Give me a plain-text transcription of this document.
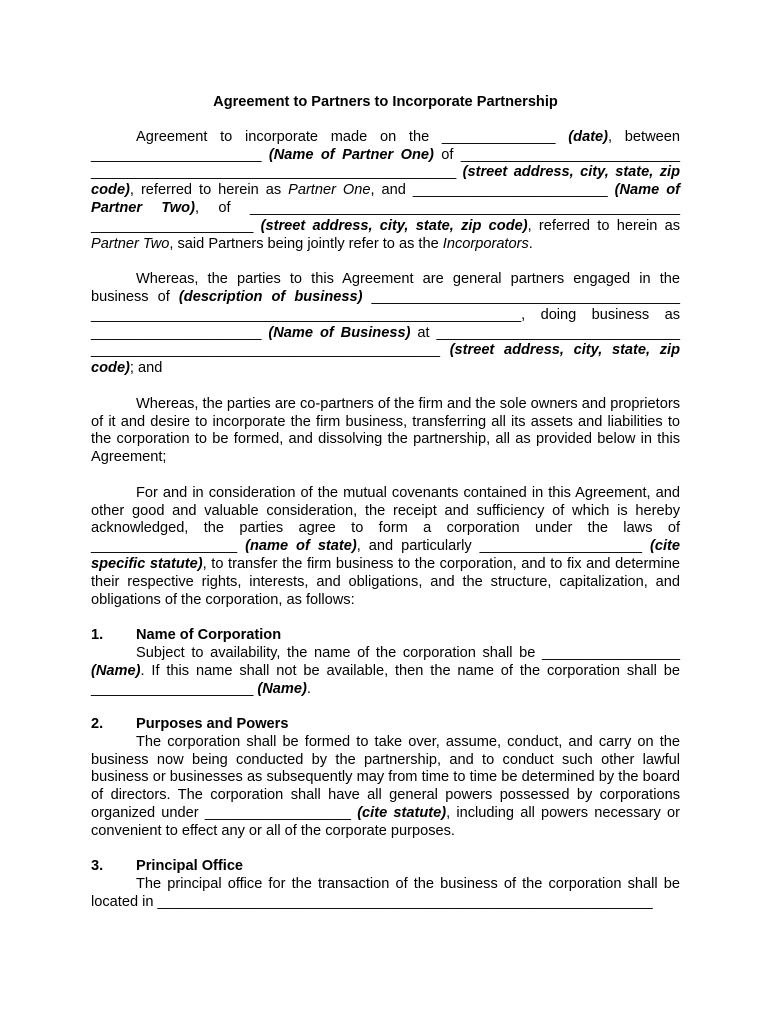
Agreement to Partners to Incorporate Partnership

Agreement to incorporate made on the ______________ (date), between _____________________ (Name of Partner One) of ___________________________ _____________________________________________ (street address, city, state, zip code), referred to herein as Partner One, and ________________________ (Name of Partner Two), of _____________________________________________________ ____________________ (street address, city, state, zip code), referred to herein as Partner Two, said Partners being jointly refer to as the Incorporators.

Whereas, the parties to this Agreement are general partners engaged in the business of (description of business) ______________________________________ _____________________________________________________, doing business as _____________________ (Name of Business) at ______________________________ ___________________________________________ (street address, city, state, zip code); and

Whereas, the parties are co-partners of the firm and the sole owners and proprietors of it and desire to incorporate the firm business, transferring all its assets and liabilities to the corporation to be formed, and dissolving the partnership, all as provided below in this Agreement;

For and in consideration of the mutual covenants contained in this Agreement, and other good and valuable consideration, the receipt and sufficiency of which is hereby acknowledged, the parties agree to form a corporation under the laws of __________________ (name of state), and particularly ____________________ (cite specific statute), to transfer the firm business to the corporation, and to fix and determine their respective rights, interests, and obligations, and the structure, capitalization, and obligations of the corporation, as follows:

1.	Name of Corporation

Subject to availability, the name of the corporation shall be _________________ (Name). If this name shall not be available, then the name of the corporation shall be ____________________ (Name).

2.	Purposes and Powers

The corporation shall be formed to take over, assume, conduct, and carry on the business now being conducted by the partnership, and to conduct such other lawful business or businesses as subsequently may from time to time be determined by the board of directors. The corporation shall have all general powers possessed by corporations organized under __________________ (cite statute), including all powers necessary or convenient to effect any or all of the corporate purposes.

3.	Principal Office

The principal office for the transaction of the business of the corporation shall be located in _____________________________________________________________
